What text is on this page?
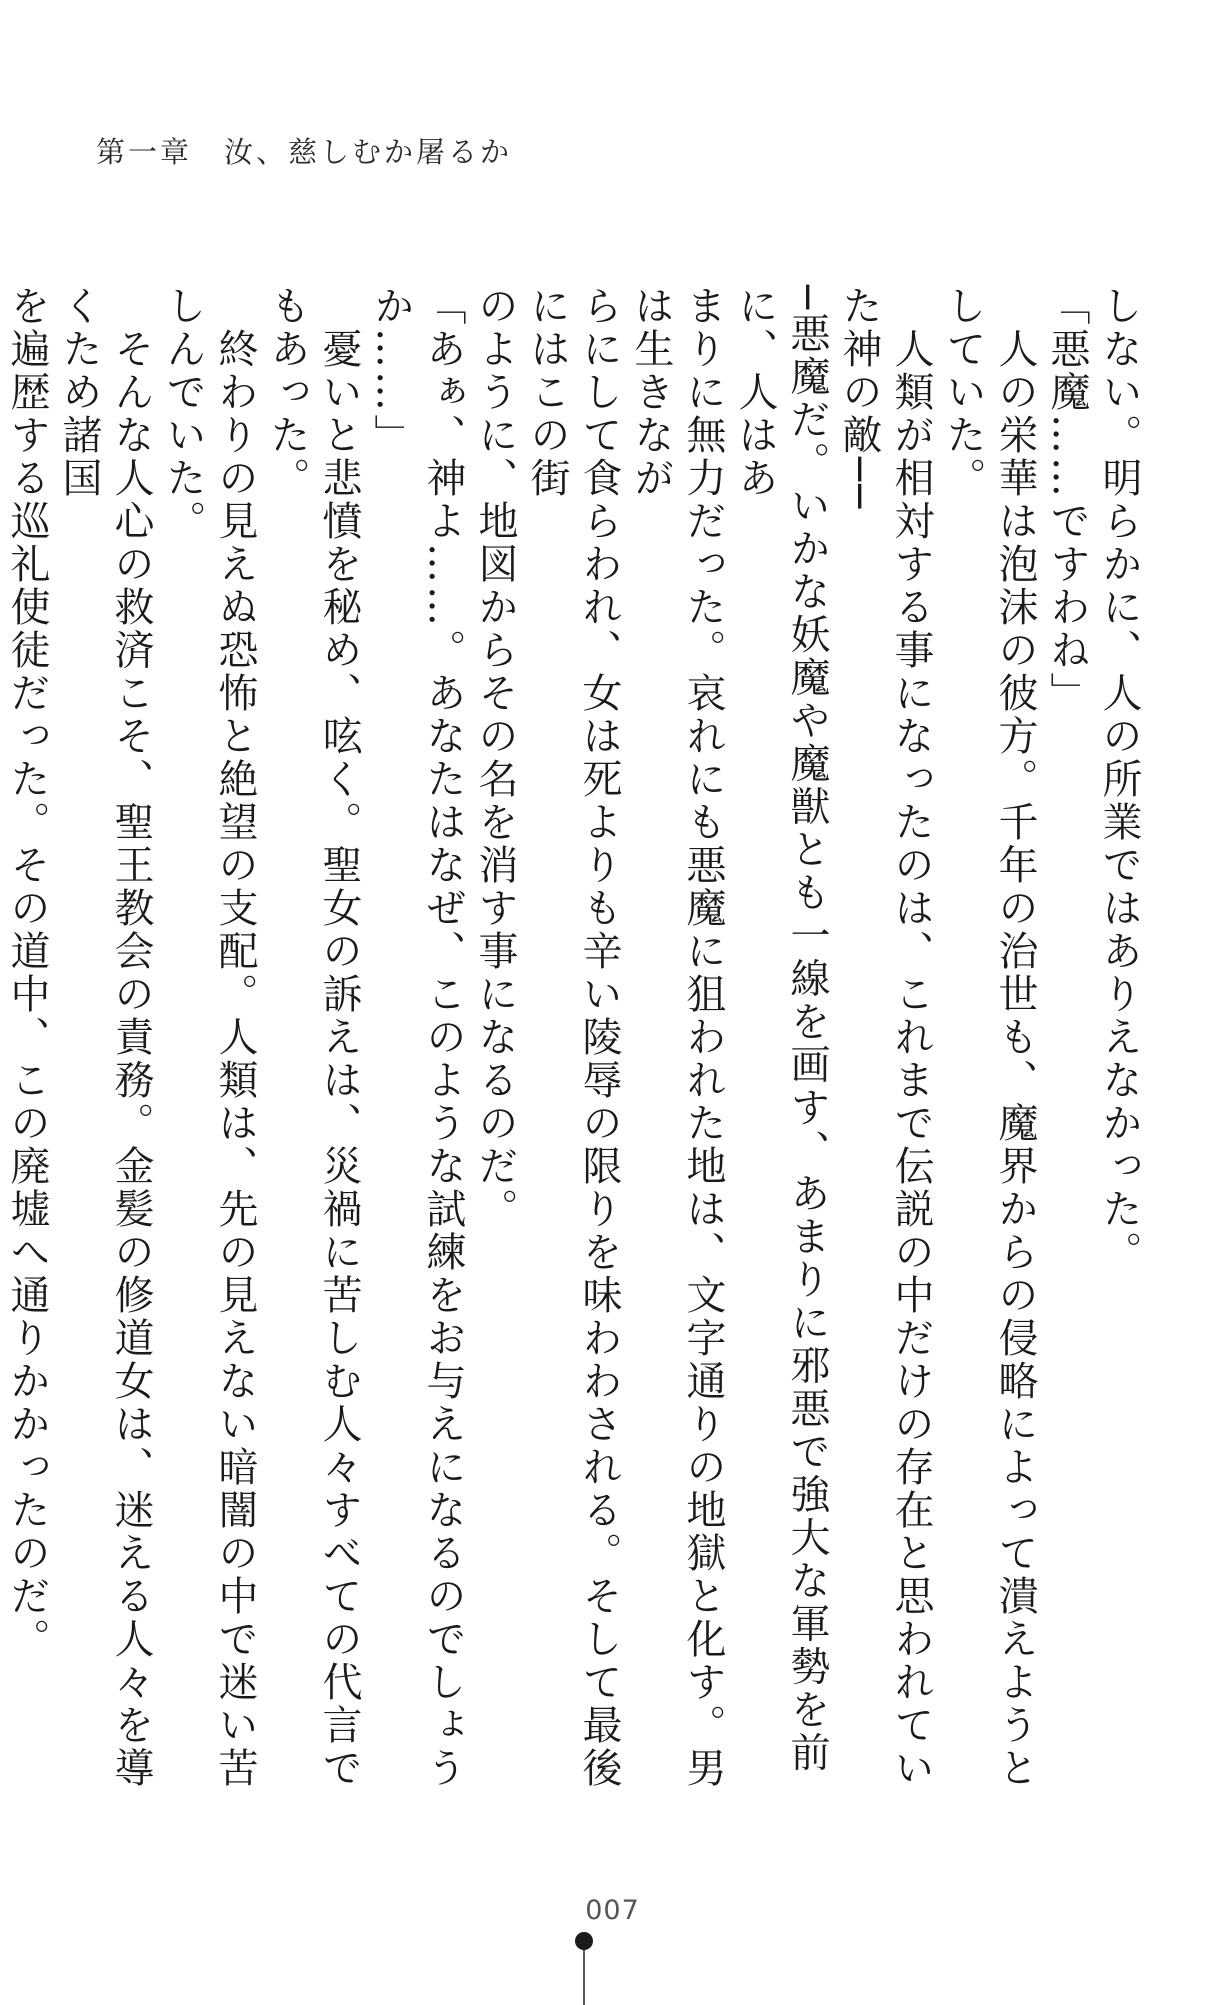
第一章　汝、慈しむか屠るか

しない。明らかに、人の所業ではありえなかった。

「悪魔……ですわね」

　人の栄華は泡沫の彼方。千年の治世も、魔界からの侵略によって潰えようとしていた。

　人類が相対する事になったのは、これまで伝説の中だけの存在と思われていた神の敵──

─悪魔だ。いかな妖魔や魔獣とも一線を画す、あまりに邪悪で強大な軍勢を前に、人はあ

まりに無力だった。哀れにも悪魔に狙われた地は、文字通りの地獄と化す。男は生きなが

らにして食らわれ、女は死よりも辛い陵辱の限りを味わわされる。そして最後にはこの街

のように、地図からその名を消す事になるのだ。

「あぁ、神よ……。あなたはなぜ、このような試練をお与えになるのでしょうか……」

　憂いと悲憤を秘め、呟く。聖女の訴えは、災禍に苦しむ人々すべての代言でもあった。

　終わりの見えぬ恐怖と絶望の支配。人類は、先の見えない暗闇の中で迷い苦しんでいた。

　そんな人心の救済こそ、聖王教会の責務。金髪の修道女は、迷える人々を導くため諸国

を遍歴する巡礼使徒だった。その道中、この廃墟へ通りかかったのだ。

007
